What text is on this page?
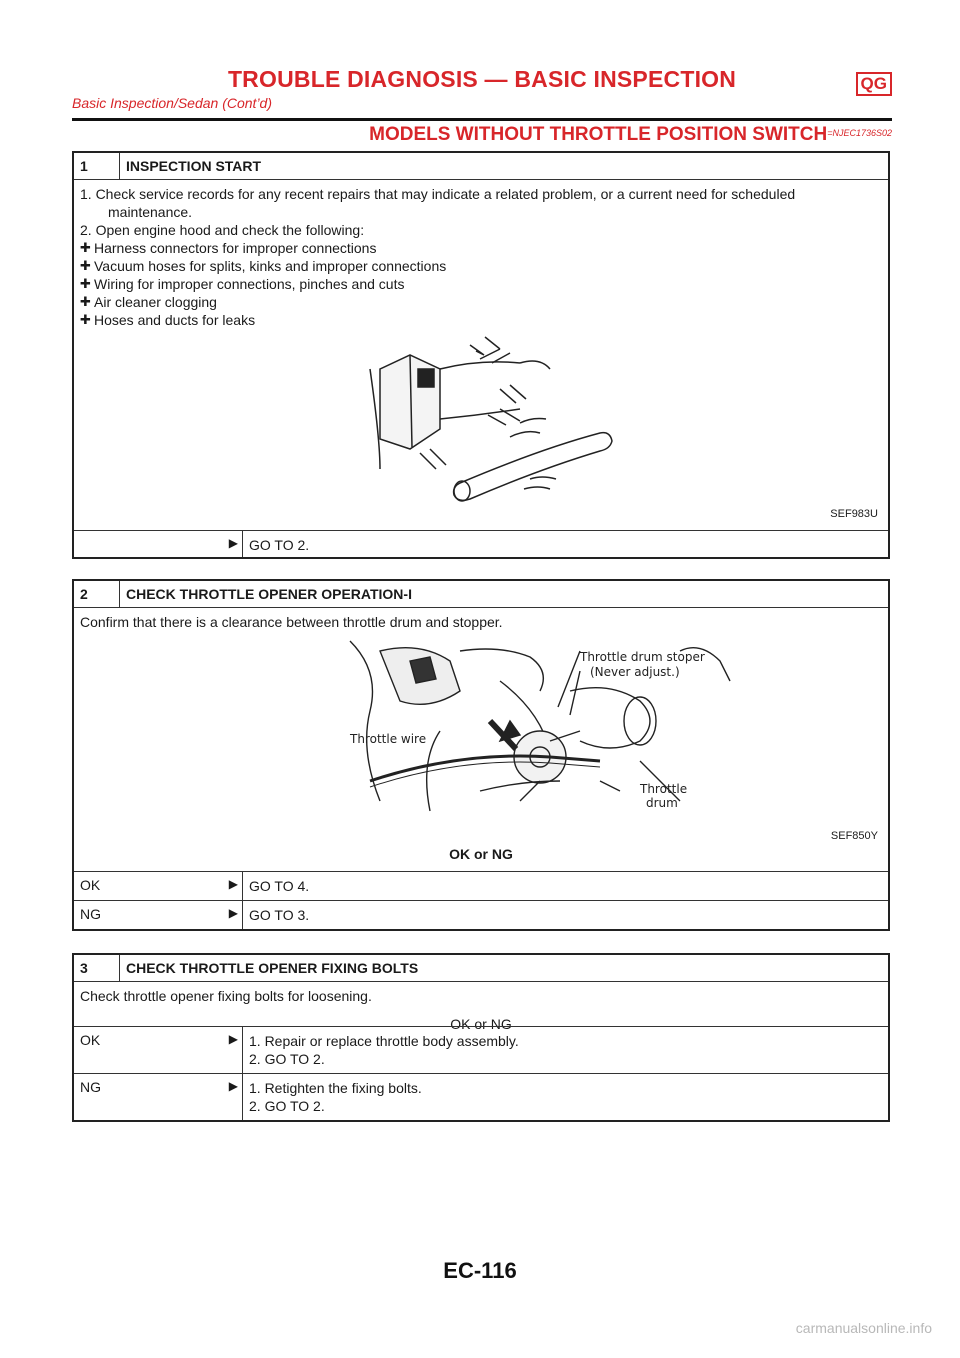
TROUBLE DIAGNOSIS — BASIC INSPECTION	QG
Basic Inspection/Sedan (Cont’d)
MODELS WITHOUT THROTTLE POSITION $SWITCH^{=NJEC1736S02}$
1	INSPECTION START
1. Check service records for any recent repairs that may indicate a related problem, or a current need for scheduled
maintenance.
2. Open engine hood and check the following:
✚ Harness connectors for improper connections
✚ Vacuum hoses for splits, kinks and improper connections
✚ Wiring for improper connections, pinches and cuts
✚ Air cleaner clogging
✚ Hoses and ducts for leaks
SEF983U
▶ GO TO 2.
2	CHECK THROTTLE OPENER OPERATION-I
Confirm that there is a clearance between throttle drum and stopper.
Throttle drum stoper
(Never adjust.)
Throttle wire
Throttle
drum
SEF850Y
OK or NG
OK	▶ GO TO 4.
NG	▶ GO TO 3.
3	CHECK THROTTLE OPENER FIXING BOLTS
Check throttle opener fixing bolts for loosening.
OK or NG
OK	▶ 1. Repair or replace throttle body assembly.
2. GO TO 2.
NG	▶ 1. Retighten the fixing bolts.
2. GO TO 2.
EC-116
carmanualsonline.info
